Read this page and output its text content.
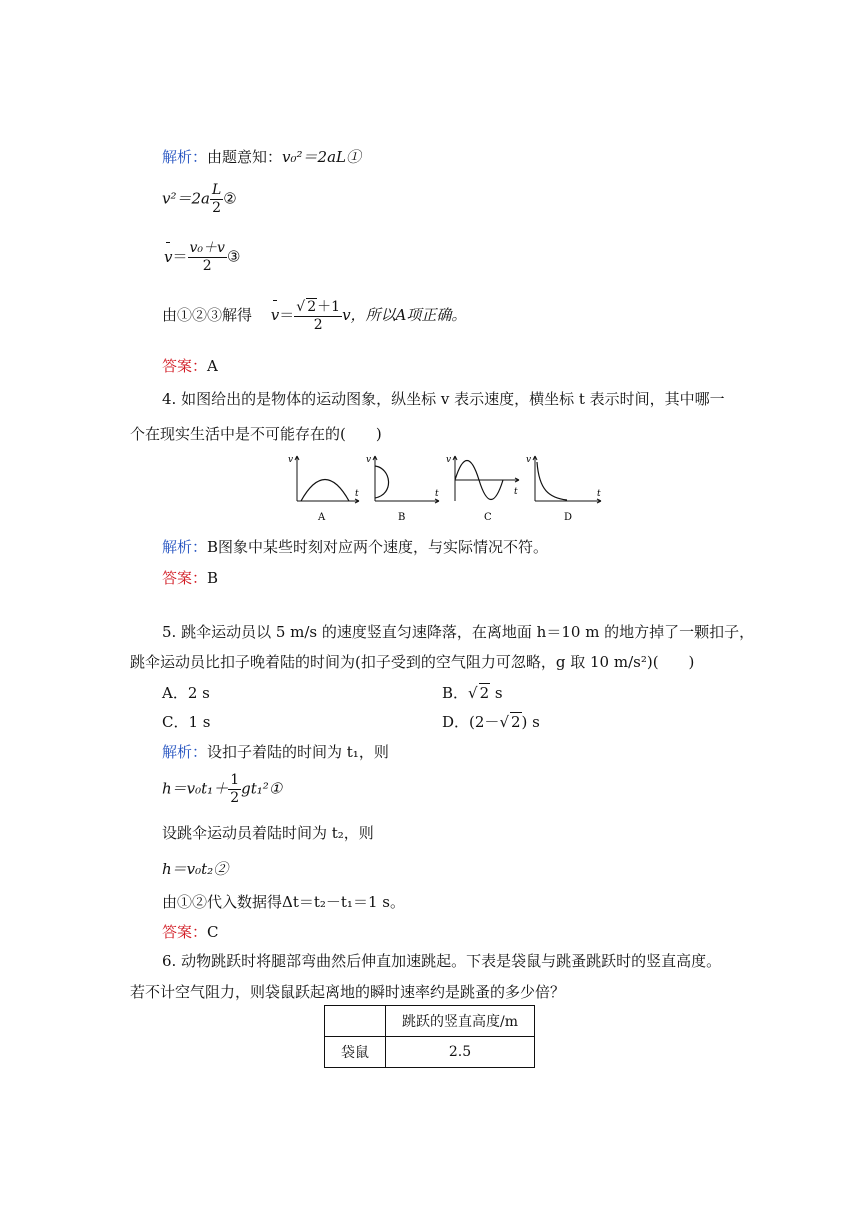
解析：由题意知：v₀²＝2aL①
$v^2=2a \frac{L}{2}$ ②
$v= \frac{\text{v₀＋v}}{2}$ ③
由①②③解得 $v= \frac{√ 2+1}{2}$ v，所以A项正确。
答案：A
4. 如图给出的是物体的运动图象，纵坐标 v 表示速度，横坐标 t 表示时间，其中哪一
个在现实生活中是不可能存在的(　　)
v
t
v
t
v
t
v
t
A	B	C	D
解析：B图象中某些时刻对应两个速度，与实际情况不符。
答案：B
5. 跳伞运动员以 5 m/s 的速度竖直匀速降落，在离地面 h＝10 m 的地方掉了一颗扣子，
跳伞运动员比扣子晚着陆的时间为(扣子受到的空气阻力可忽略，g 取 10 m/s²)(　　)
A．2 s	B．√ 2 s
C．1 s	D．(2－√ 2) s
解析：设扣子着陆的时间为 t₁，则
$h=v_0t_1+ \frac{1}{2}$ gt₁²①
设跳伞运动员着陆时间为 t₂，则
h＝v₀t₂②
由①②代入数据得Δt＝t₂－t₁＝1 s。
答案：C
6. 动物跳跃时将腿部弯曲然后伸直加速跳起。下表是袋鼠与跳蚤跳跃时的竖直高度。
若不计空气阻力，则袋鼠跃起离地的瞬时速率约是跳蚤的多少倍？
	跳跃的竖直高度/m
袋鼠	2.5
